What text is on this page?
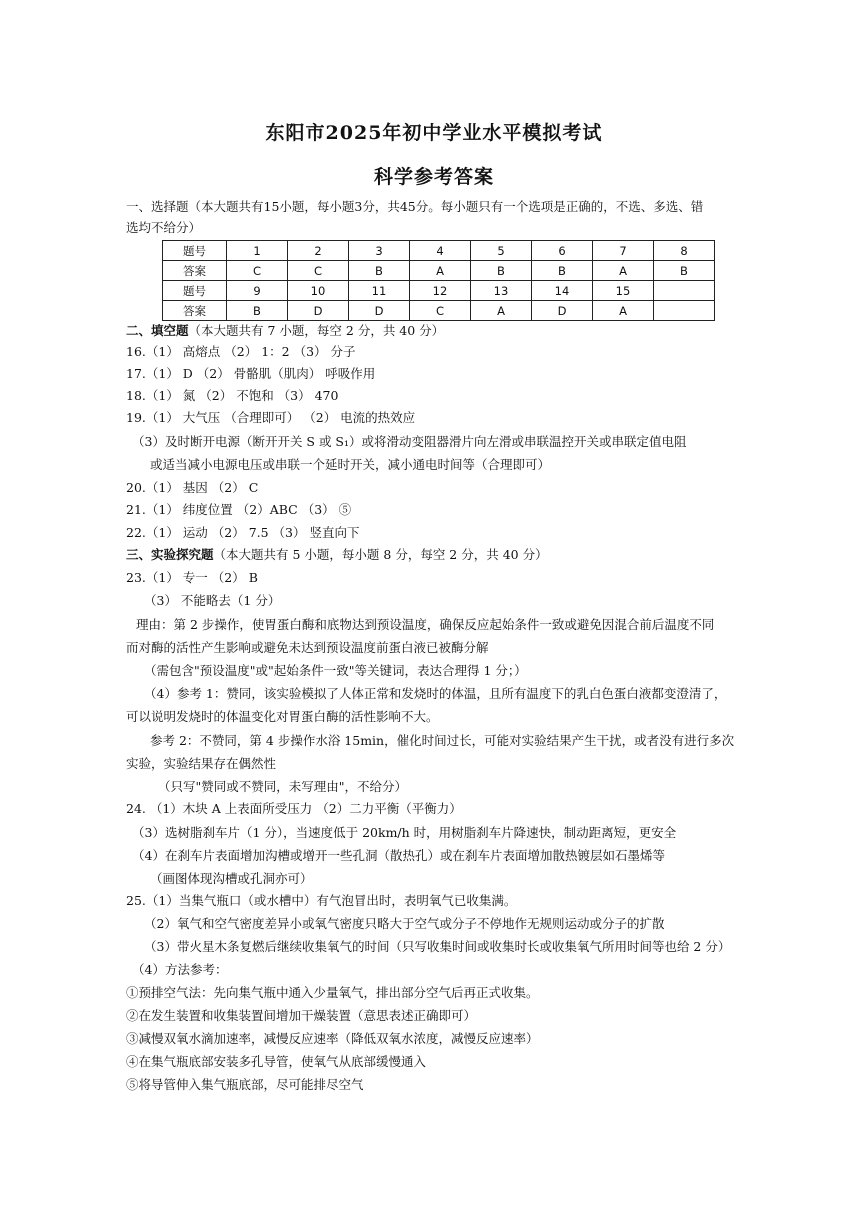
东阳市2025年初中学业水平模拟考试
科学参考答案
一、选择题（本大题共有15小题，每小题3分，共45分。每小题只有一个选项是正确的，不选、多选、错
选均不给分）
题号	1	2	3	4	5	6	7	8
答案	C	C	B	A	B	B	A	B
题号	9	10	11	12	13	14	15	
答案	B	D	D	C	A	D	A	
二、填空题（本大题共有 7 小题，每空 2 分，共 40 分）
16.（1） 高熔点 （2） 1：2 （3） 分子
17.（1） D （2） 骨骼肌（肌肉） 呼吸作用
18.（1） 氮 （2） 不饱和 （3） 470
19.（1） 大气压 （合理即可） （2） 电流的热效应
（3）及时断开电源（断开开关 S 或 S₁）或将滑动变阻器滑片向左滑或串联温控开关或串联定值电阻
或适当减小电源电压或串联一个延时开关，减小通电时间等（合理即可）
20.（1） 基因 （2） C
21.（1） 纬度位置 （2）ABC （3） ⑤
22.（1） 运动 （2） 7.5 （3） 竖直向下
三、实验探究题（本大题共有 5 小题，每小题 8 分，每空 2 分，共 40 分）
23.（1） 专一 （2） B
（3） 不能略去（1 分）
理由：第 2 步操作，使胃蛋白酶和底物达到预设温度，确保反应起始条件一致或避免因混合前后温度不同
而对酶的活性产生影响或避免未达到预设温度前蛋白液已被酶分解
（需包含"预设温度"或"起始条件一致"等关键词，表达合理得 1 分；）
（4）参考 1：赞同，该实验模拟了人体正常和发烧时的体温，且所有温度下的乳白色蛋白液都变澄清了，
可以说明发烧时的体温变化对胃蛋白酶的活性影响不大。
参考 2：不赞同，第 4 步操作水浴 15min，催化时间过长，可能对实验结果产生干扰，或者没有进行多次
实验，实验结果存在偶然性
（只写"赞同或不赞同，未写理由"，不给分）
24. （1）木块 A 上表面所受压力 （2）二力平衡（平衡力）
（3）选树脂刹车片（1 分），当速度低于 20km/h 时，用树脂刹车片降速快，制动距离短，更安全
（4）在刹车片表面增加沟槽或增开一些孔洞（散热孔）或在刹车片表面增加散热镀层如石墨烯等
（画图体现沟槽或孔洞亦可）
25.（1）当集气瓶口（或水槽中）有气泡冒出时，表明氧气已收集满。
（2）氧气和空气密度差异小或氧气密度只略大于空气或分子不停地作无规则运动或分子的扩散
（3）带火星木条复燃后继续收集氧气的时间（只写收集时间或收集时长或收集氧气所用时间等也给 2 分）
（4）方法参考：
①预排空气法：先向集气瓶中通入少量氧气，排出部分空气后再正式收集。
②在发生装置和收集装置间增加干燥装置（意思表述正确即可）
③减慢双氧水滴加速率，减慢反应速率（降低双氧水浓度，减慢反应速率）
④在集气瓶底部安装多孔导管，使氧气从底部缓慢通入
⑤将导管伸入集气瓶底部，尽可能排尽空气
